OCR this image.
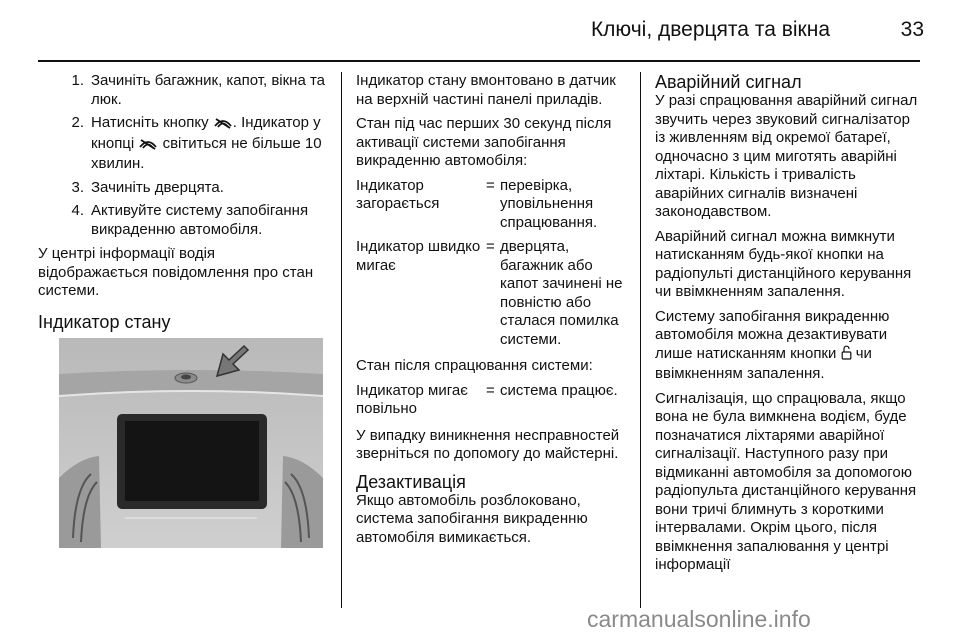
Ключі, дверцята та вікна	33
1. Зачиніть багажник, капот, вікна та люк.
2. Натисніть кнопку . Індикатор у кнопці  світиться не більше 10 хвилин.
3. Зачиніть дверцята.
4. Активуйте систему запобігання викраденню автомобіля.

У центрі інформації водія відображається повідомлення про стан системи.

Індикатор стану

Індикатор стану вмонтовано в датчик на верхній частині панелі приладів.

Стан під час перших 30 секунд після активації системи запобігання викраденню автомобіля:

Індикатор загорається
= перевірка, уповільнення спрацювання.
Індикатор швидко мигає
= дверцята, багажник або капот зачинені не повністю або сталася помилка системи.

Стан після спрацювання системи:

Індикатор мигає повільно
= система працює.

У випадку виникнення несправностей зверніться по допомогу до майстерні.

Дезактивація

Якщо автомобіль розблоковано, система запобігання викраденню автомобіля вимикається.

Аварійний сигнал

У разі спрацювання аварійний сигнал звучить через звуковий сигналізатор із живленням від окремої батареї, одночасно з цим миготять аварійні ліхтарі. Кількість і тривалість аварійних сигналів визначені законодавством.

Аварійний сигнал можна вимкнути натисканням будь-якої кнопки на радіопульті дистанційного керування чи ввімкненням запалення.

Систему запобігання викраденню автомобіля можна дезактивувати лише натисканням кнопки  чи ввімкненням запалення.

Сигналізація, що спрацювала, якщо вона не була вимкнена водієм, буде позначатися ліхтарями аварійної сигналізації. Наступного разу при відмиканні автомобіля за допомогою радіопульта дистанційного керування вони тричі блимнуть з короткими інтервалами. Окрім цього, після ввімкнення запалювання у центрі інформації

carmanualsonline.info
